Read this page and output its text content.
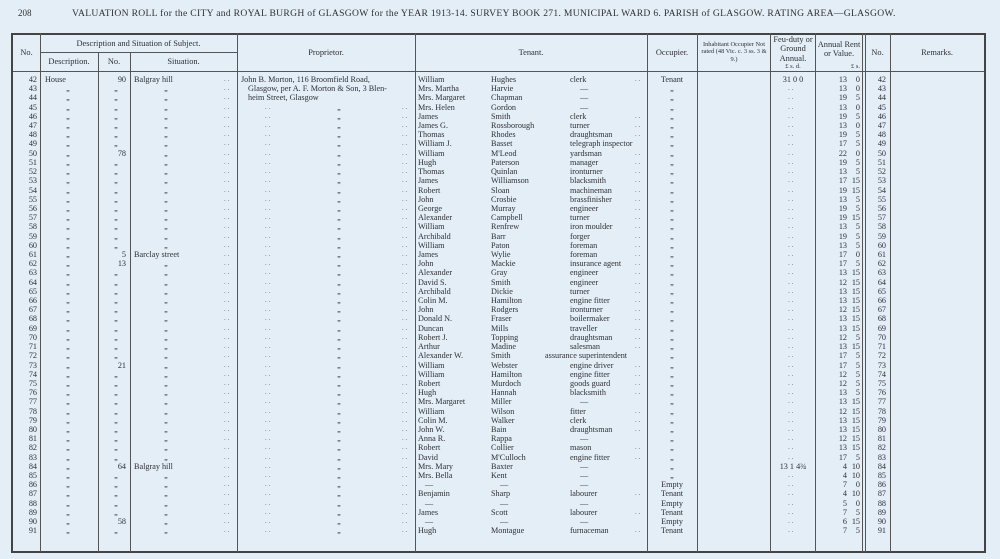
208	VALUATION ROLL for the CITY and ROYAL BURGH of GLASGOW for the YEAR 1913-14. SURVEY BOOK 271. MUNICIPAL WARD 6. PARISH of GLASGOW. RATING AREA—GLASGOW.
No.
Description and Situation of Subject.
Description.	No.	Situation.
Proprietor.	Tenant.	Occupier.
Inhabitant Occupier Not rated (48 Vic. c. 3 ss. 3 & 9.)
Feu-duty or Ground Annual.
Annual Rent or Value.	No.	Remarks.
£ s. d.	£ s.
John B. Morton, 116 Broomfield Road,
Glasgow, per A. F. Morton & Son, 3 Blen-
heim Street, Glasgow
42 House	90 Balgray hill	. .	William	Hughes	clerk	. .	Tenant	31 0 0	13	0	42
43	„	„	„	. .	Mrs. Martha	Harvie	—	„	. .	13	0	43
44	„	„	„	. .	Mrs. Margaret	Chapman	—	„	. .	19	5	44
45	„	„	„	. .	. .	„	. . Mrs. Helen	Gordon	—	„	. .	13	0	45
46	„	„	„	. .	. .	„	. . James	Smith	clerk	. .	„	. .	19	5	46
47	„	„	„	. .	. .	„	. . James G.	Rossborough	turner	. .	„	. .	13	0	47
48	„	„	„	. .	. .	„	. . Thomas	Rhodes	draughtsman	. .	„	. .	19	5	48
49	„	„	„	. .	. .	„	. . William J.	Basset	telegraph inspector	„	. .	17	5	49
50	„	78	„	. .	. .	„	. . William	M'Leod	yardsman	. .	„	. .	22	0	50
51	„	„	„	. .	. .	„	. . Hugh	Paterson	manager	. .	„	. .	19	5	51
52	„	„	„	. .	. .	„	. . Thomas	Quinlan	ironturner	. .	„	. .	13	5	52
53	„	„	„	. .	. .	„	. . James	Williamson	blacksmith	. .	„	. .	17 15	53
54	„	„	„	. .	. .	„	. . Robert	Sloan	machineman	. .	„	. .	19 15	54
55	„	„	„	. .	. .	„	. . John	Crosbie	brassfinisher	. .	„	. .	13	5	55
56	„	„	„	. .	. .	„	. . George	Murray	engineer	. .	„	. .	19	5	56
57	„	„	„	. .	. .	„	. . Alexander	Campbell	turner	. .	„	. .	19 15	57
58	„	„	„	. .	. .	„	. . William	Renfrew	iron moulder	. .	„	. .	13	5	58
59	„	„	„	. .	. .	„	. . Archibald	Barr	forger	. .	„	. .	19	5	59
60	„	„	„	. .	. .	„	. . William	Paton	foreman	. .	„	. .	13	5	60
61	„	5 Barclay street	. .	. .	„	. . James	Wylie	foreman	. .	„	. .	17	0	61
62	„	13	„	. .	. .	„	. . John	Mackie	insurance agent . .	„	. .	17	5	62
63	„	„	„	. .	. .	„	. . Alexander	Gray	engineer	. .	„	. .	13 15	63
64	„	„	„	. .	. .	„	. . David S.	Smith	engineer	. .	„	. .	12 15	64
65	„	„	„	. .	. .	„	. . Archibald	Dickie	turner	. .	„	. .	13 15	65
66	„	„	„	. .	. .	„	. . Colin M.	Hamilton	engine fitter	. .	„	. .	13 15	66
67	„	„	„	. .	. .	„	. . John	Rodgers	ironturner	. .	„	. .	12 15	67
68	„	„	„	. .	. .	„	. . Donald N.	Fraser	boilermaker	. .	„	. .	13 15	68
69	„	„	„	. .	. .	„	. . Duncan	Mills	traveller	. .	„	. .	13 15	69
70	„	„	„	. .	. .	„	. . Robert J.	Topping	draughtsman	. .	„	. .	12	5	70
71	„	„	„	. .	. .	„	. . Arthur	Madine	salesman	. .	„	. .	13 15	71
72	„	„	„	. .	. .	„	. . Alexander W.	Smith	assurance superintendent	„	. .	17	5	72
73	„	21	„	. .	. .	„	. . William	Webster	engine driver	. .	„	. .	17	5	73
74	„	„	„	. .	. .	„	. . William	Hamilton	engine fitter	. .	„	. .	12	5	74
75	„	„	„	. .	. .	„	. . Robert	Murdoch	goods guard	. .	„	. .	12	5	75
76	„	„	„	. .	. .	„	. . Hugh	Hannah	blacksmith	. .	„	. .	13	5	76
77	„	„	„	. .	. .	„	. . Mrs. Margaret	Miller	—	„	. .	13 15	77
78	„	„	„	. .	. .	„	. . William	Wilson	fitter	. .	„	. .	12 15	78
79	„	„	„	. .	. .	„	. . Colin M.	Walker	clerk	. .	„	. .	13 15	79
80	„	„	„	. .	. .	„	. . John W.	Bain	draughtsman	. .	„	. .	13 15	80
81	„	„	„	. .	. .	„	. . Anna R.	Rappa	—	„	. .	12 15	81
82	„	„	„	. .	. .	„	. . Robert	Collier	mason	. .	„	. .	13 15	82
83	„	„	„	. .	. .	„	. . David	M'Culloch	engine fitter	. .	„	. .	17	5	83
84	„	64 Balgray hill	. .	. .	„	. . Mrs. Mary	Baxter	—	„	13 1 4¾	4 10	84
85	„	„	„	. .	. .	„	. . Mrs. Bella	Kent	—	„	. .	4 10	85
86	„	„	„	. .	. .	„	. . —	—	—	Empty	. .	7	0	86
87	„	„	„	. .	. .	„	. . Benjamin	Sharp	labourer	. .	Tenant	. .	4 10	87
88	„	„	„	. .	. .	„	. . —	—	—	Empty	. .	5	0	88
89	„	„	„	. .	. .	„	. . James	Scott	labourer	. .	Tenant	. .	7	5	89
90	„	58	„	. .	. .	„	. . —	—	—	Empty	. .	6 15	90
91	„	„	„	. .	. .	„	. . Hugh	Montague	furnaceman	. .	Tenant	. .	7	5	91
